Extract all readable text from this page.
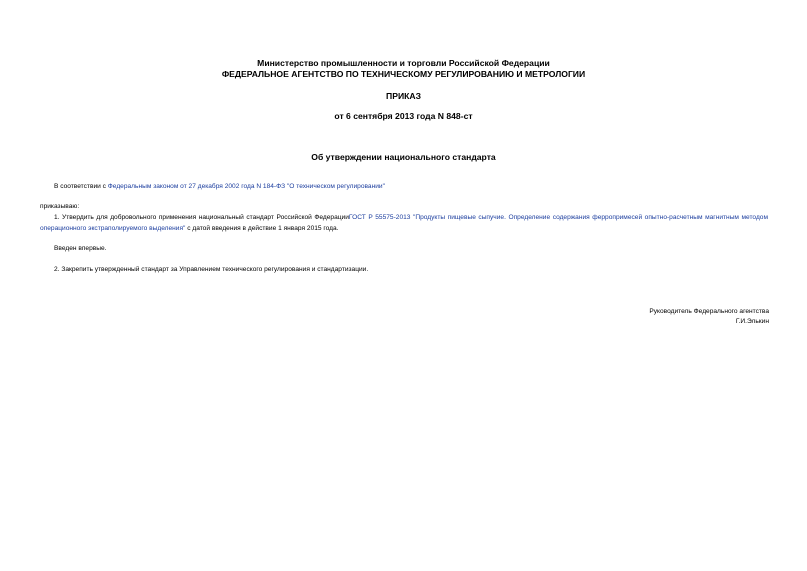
Министерство промышленности и торговли Российской Федерации
ФЕДЕРАЛЬНОЕ АГЕНТСТВО ПО ТЕХНИЧЕСКОМУ РЕГУЛИРОВАНИЮ И МЕТРОЛОГИИ
ПРИКАЗ
от 6 сентября 2013 года N 848-ст
Об утверждении национального стандарта
В соответствии с Федеральным законом от 27 декабря 2002 года N 184-ФЗ "О техническом регулировании"
приказываю:
1. Утвердить для добровольного применения национальный стандарт Российской ФедерацииГОСТ Р 55575-2013 "Продукты пищевые сыпучие. Определение содержания ферропримесей опытно-расчетным магнитным методом операционного экстраполируемого выделения" с датой введения в действие 1 января 2015 года.
Введен впервые.
2. Закрепить утвержденный стандарт за Управлением технического регулирования и стандартизации.
Руководитель Федерального агентства
Г.И.Элькин
